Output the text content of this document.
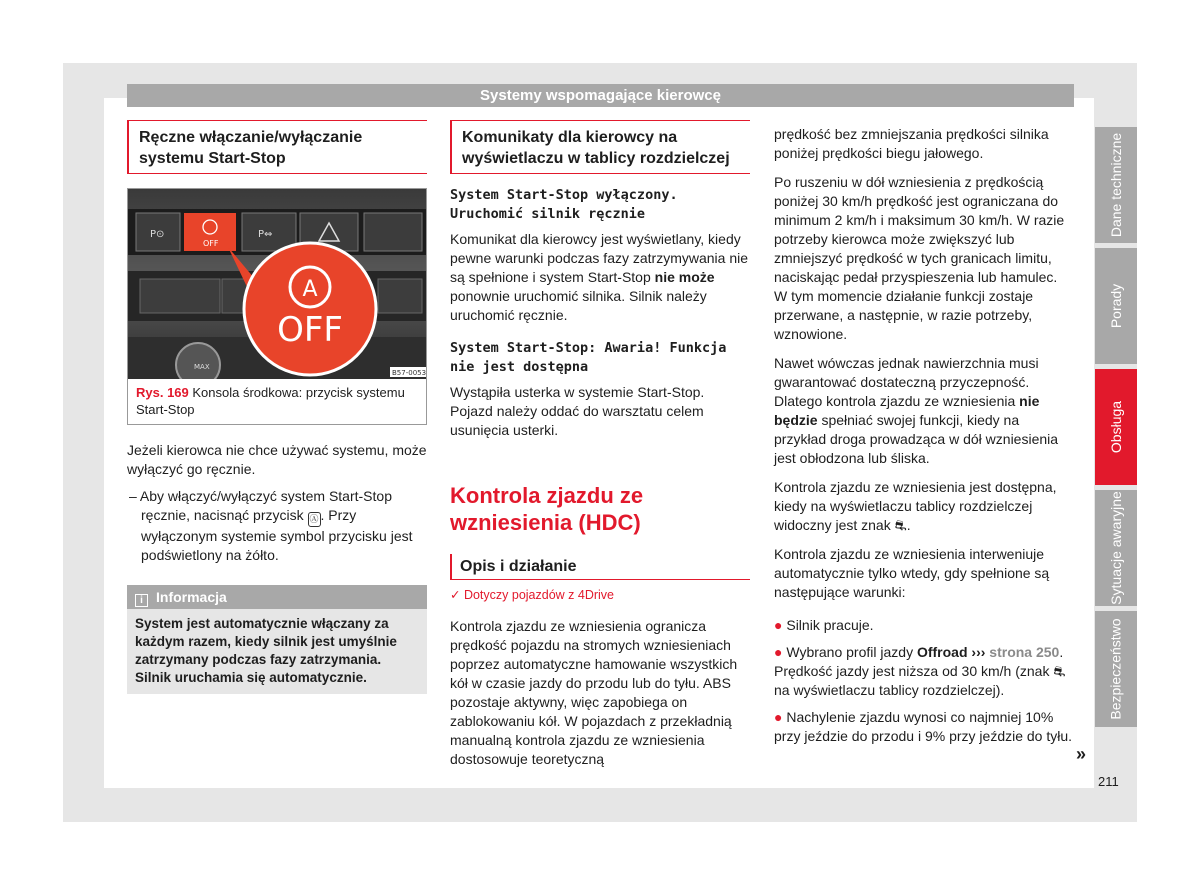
Systemy wspomagające kierowcę
Ręczne włączanie/wyłączanie systemu Start-Stop
P⊙
OFF
P⇔
MAX
A
OFF
B57-0053
Rys. 169 Konsola środkowa: przycisk systemu Start-Stop

Jeżeli kierowca nie chce używać systemu, może wyłączyć go ręcznie.

– Aby włączyć/wyłączyć system Start-Stop ręcznie, nacisnąć przycisk Ⓐ . Przy wyłączonym systemie symbol przycisku jest podświetlony na żółto.
i Informacja
System jest automatycznie włączany za każdym razem, kiedy silnik jest umyślnie zatrzymany podczas fazy zatrzymania. Silnik uruchamia się automatycznie.
Komunikaty dla kierowcy na wyświetlaczu w tablicy rozdzielczej

System Start-Stop wyłączony. Uruchomić silnik ręcznie

Komunikat dla kierowcy jest wyświetlany, kiedy pewne warunki podczas fazy zatrzymywania nie są spełnione i system Start-Stop nie może ponownie uruchomić silnika. Silnik należy uruchomić ręcznie.

System Start-Stop: Awaria! Funkcja nie jest dostępna

Wystąpiła usterka w systemie Start-Stop. Pojazd należy oddać do warsztatu celem usunięcia usterki.

Kontrola zjazdu ze wzniesienia (HDC)
Opis i działanie
✓ Dotyczy pojazdów z 4Drive

Kontrola zjazdu ze wzniesienia ogranicza prędkość pojazdu na stromych wzniesieniach poprzez automatyczne hamowanie wszystkich kół w czasie jazdy do przodu lub do tyłu. ABS pozostaje aktywny, więc zapobiega on zablokowaniu kół. W pojazdach z przekładnią manualną kontrola zjazdu ze wzniesienia dostosowuje teoretyczną

prędkość bez zmniejszania prędkości silnika poniżej prędkości biegu jałowego.

Po ruszeniu w dół wzniesienia z prędkością poniżej 30 km/h prędkość jest ograniczana do minimum 2 km/h i maksimum 30 km/h. W razie potrzeby kierowca może zwiększyć lub zmniejszyć prędkość w tych granicach limitu, naciskając pedał przyspieszenia lub hamulec. W tym momencie działanie funkcji zostaje przerwane, a następnie, w razie potrzeby, wznowione.

Nawet wówczas jednak nawierzchnia musi gwarantować dostateczną przyczepność. Dlatego kontrola zjazdu ze wzniesienia nie będzie spełniać swojej funkcji, kiedy na przykład droga prowadząca w dół wzniesienia jest obłodzona lub śliska.

Kontrola zjazdu ze wzniesienia jest dostępna, kiedy na wyświetlaczu tablicy rozdzielczej widoczny jest znak ⛐.

Kontrola zjazdu ze wzniesienia interweniuje automatycznie tylko wtedy, gdy spełnione są następujące warunki:

● Silnik pracuje.
● Wybrano profil jazdy Offroad ››› strona 250. Prędkość jazdy jest niższa od 30 km/h (znak ⛐ na wyświetlaczu tablicy rozdzielczej).
● Nachylenie zjazdu wynosi co najmniej 10% przy jeździe do przodu i 9% przy jeździe do tyłu.
»
Dane techniczne
Porady
Obsługa
Sytuacje awaryjne
Bezpieczeństwo
211
